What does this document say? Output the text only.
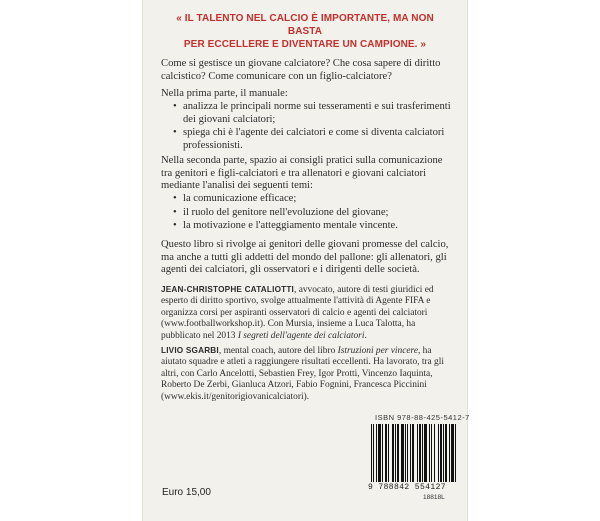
« IL TALENTO NEL CALCIO È IMPORTANTE, MA NON BASTA
PER ECCELLERE E DIVENTARE UN CAMPIONE. »
Come si gestisce un giovane calciatore? Che cosa sapere di diritto calcistico? Come comunicare con un figlio-calciatore?
Nella prima parte, il manuale:
• analizza le principali norme sui tesseramenti e sui trasferimenti dei giovani calciatori;
• spiega chi è l'agente dei calciatori e come si diventa calciatori professionisti.
Nella seconda parte, spazio ai consigli pratici sulla comunicazione tra genitori e figli-calciatori e tra allenatori e giovani calciatori mediante l'analisi dei seguenti temi:
• la comunicazione efficace;
• il ruolo del genitore nell'evoluzione del giovane;
• la motivazione e l'atteggiamento mentale vincente.
Questo libro si rivolge ai genitori delle giovani promesse del calcio, ma anche a tutti gli addetti del mondo del pallone: gli allenatori, gli agenti dei calciatori, gli osservatori e i dirigenti delle società.
JEAN-CHRISTOPHE CATALIOTTI, avvocato, autore di testi giuridici ed esperto di diritto sportivo, svolge attualmente l'attività di Agente FIFA e organizza corsi per aspiranti osservatori di calcio e agenti dei calciatori (www.footballworkshop.it). Con Mursia, insieme a Luca Talotta, ha pubblicato nel 2013 I segreti dell'agente dei calciatori.
LIVIO SGARBI, mental coach, autore del libro Istruzioni per vincere, ha aiutato squadre e atleti a raggiungere risultati eccellenti. Ha lavorato, tra gli altri, con Carlo Ancelotti, Sebastien Frey, Igor Protti, Vincenzo Iaquinta, Roberto De Zerbi, Gianluca Atzori, Fabio Fognini, Francesca Piccinini (www.ekis.it/genitorigiovanicalciatori).
ISBN 978-88-425-5412-7
9 788842 554127
18818L
Euro 15,00
